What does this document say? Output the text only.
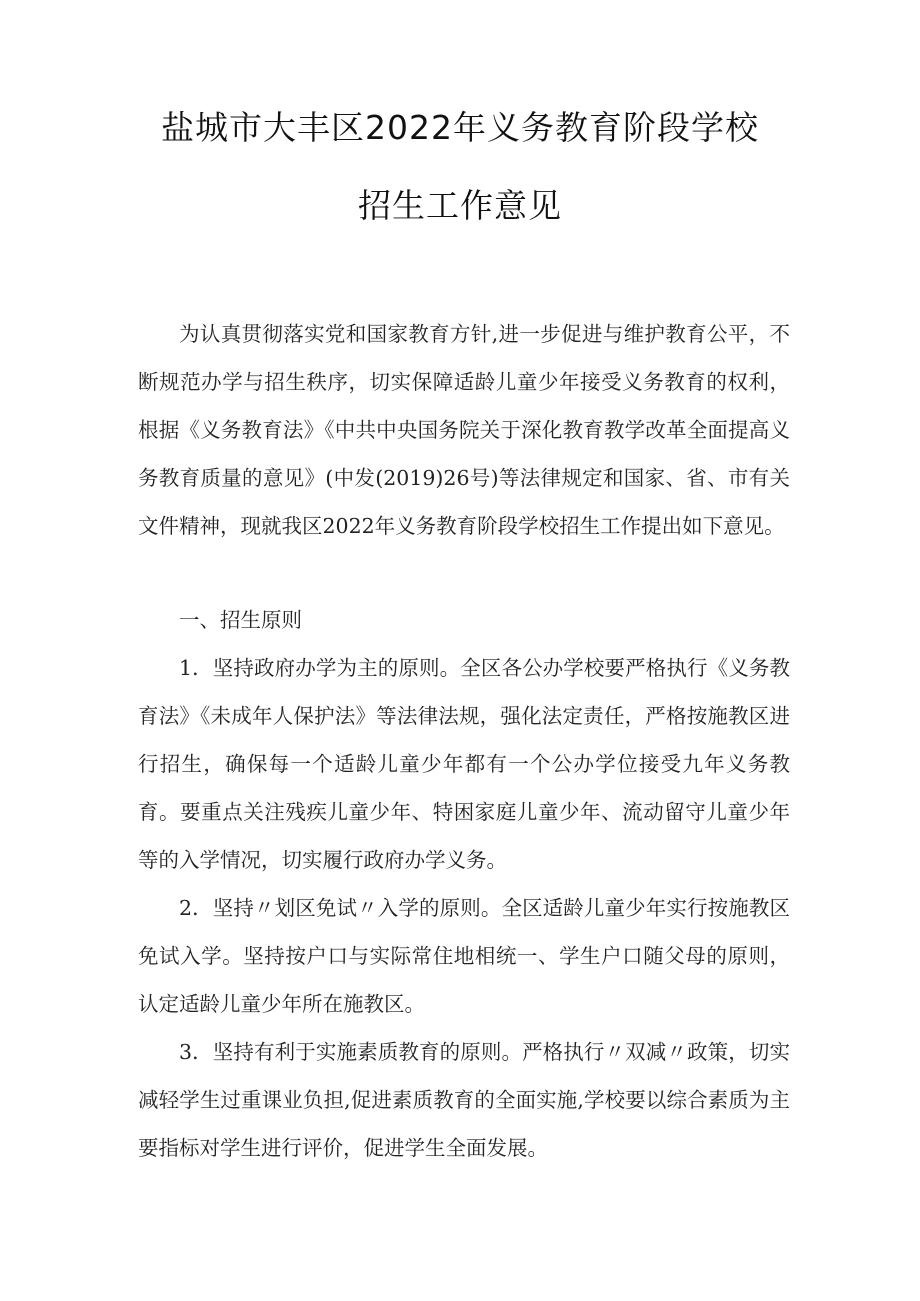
盐城市大丰区2022年义务教育阶段学校
招生工作意见

为认真贯彻落实党和国家教育方针,进一步促进与维护教育公平，不断规范办学与招生秩序，切实保障适龄儿童少年接受义务教育的权利，根据《义务教育法》《中共中央国务院关于深化教育教学改革全面提高义务教育质量的意见》(中发(2019)26号)等法律规定和国家、省、市有关文件精神，现就我区2022年义务教育阶段学校招生工作提出如下意见。

一、招生原则

1．坚持政府办学为主的原则。全区各公办学校要严格执行《义务教育法》《未成年人保护法》等法律法规，强化法定责任，严格按施教区进行招生，确保每一个适龄儿童少年都有一个公办学位接受九年义务教育。要重点关注残疾儿童少年、特困家庭儿童少年、流动留守儿童少年等的入学情况，切实履行政府办学义务。

2．坚持〃划区免试〃入学的原则。全区适龄儿童少年实行按施教区免试入学。坚持按户口与实际常住地相统一、学生户口随父母的原则，认定适龄儿童少年所在施教区。

3．坚持有利于实施素质教育的原则。严格执行〃双减〃政策，切实减轻学生过重课业负担,促进素质教育的全面实施,学校要以综合素质为主要指标对学生进行评价，促进学生全面发展。
